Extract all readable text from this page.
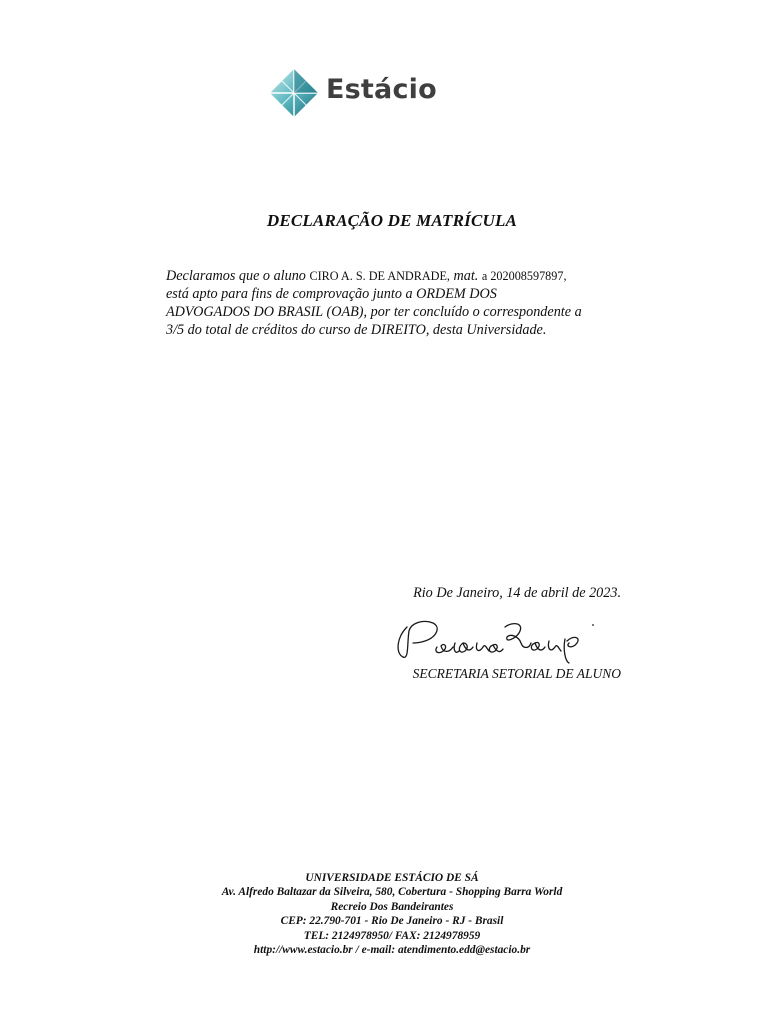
Estácio
DECLARAÇÃO DE MATRÍCULA
Declaramos que o aluno CIRO A. S. DE ANDRADE, mat. a 202008597897,
está apto para fins de comprovação junto a ORDEM DOS
ADVOGADOS DO BRASIL (OAB), por ter concluído o correspondente a
3/5 do total de créditos do curso de DIREITO, desta Universidade.
Rio De Janeiro, 14 de abril de 2023.
SECRETARIA SETORIAL DE ALUNO
UNIVERSIDADE ESTÁCIO DE SÁ
Av. Alfredo Baltazar da Silveira, 580, Cobertura - Shopping Barra World
Recreio Dos Bandeirantes
CEP: 22.790-701 - Rio De Janeiro - RJ - Brasil
TEL: 2124978950/ FAX: 2124978959
http://www.estacio.br / e-mail: atendimento.edd@estacio.br
